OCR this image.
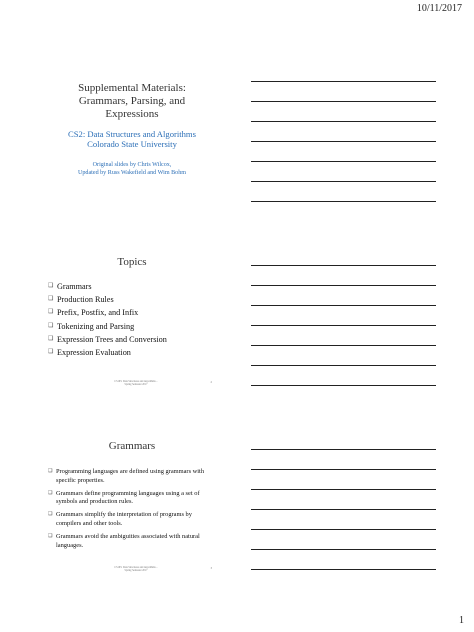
10/11/2017
Supplemental Materials:
Grammars, Parsing, and
Expressions
CS2: Data Structures and Algorithms
Colorado State University
Original slides by Chris Wilcox,
Updated by Russ Wakefield and Wim Bohm
Topics
❑ Grammars
❑ Production Rules
❑ Prefix, Postfix, and Infix
❑ Tokenizing and Parsing
❑ Expression Trees and Conversion
❑ Expression Evaluation
CS165: Data Structures and Algorithms –
Spring Semester 2017
2
Grammars
❑ Programming languages are defined using grammars with specific properties.
❑ Grammars define programming languages using a set of symbols and production rules.
❑ Grammars simplify the interpretation of programs by compilers and other tools.
❑ Grammars avoid the ambiguities associated with natural languages.
CS165: Data Structures and Algorithms –
Spring Semester 2017
3
1
